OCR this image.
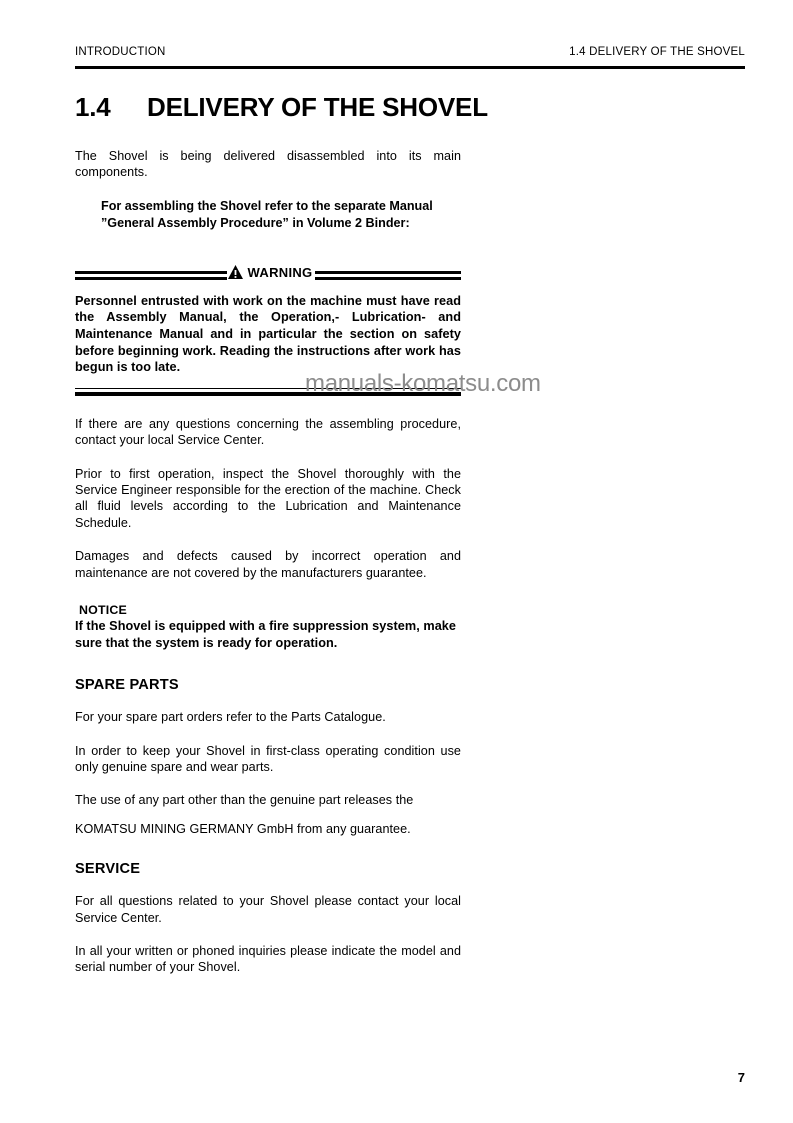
INTRODUCTION	1.4 DELIVERY OF THE SHOVEL
1.4	DELIVERY OF THE SHOVEL

The Shovel is being delivered disassembled into its main components.

For assembling the Shovel refer to the separate Manual
”General Assembly Procedure” in Volume 2 Binder:

WARNING

Personnel entrusted with work on the machine must have read the Assembly Manual, the Operation,- Lubrication- and Maintenance Manual and in particular the section on safety before beginning work. Reading the instructions after work has begun is too late.

If there are any questions concerning the assembling procedure, contact your local Service Center.

Prior to first operation, inspect the Shovel thoroughly with the Service Engineer responsible for the erection of the machine. Check all fluid levels according to the Lubrication and Maintenance Schedule.

Damages and defects caused by incorrect operation and maintenance are not covered by the manufacturers guarantee.

NOTICE

If the Shovel is equipped with a fire suppression system, make sure that the system is ready for operation.

SPARE PARTS

For your spare part orders refer to the Parts Catalogue.

In order to keep your Shovel in first-class operating condition use only genuine spare and wear parts.

The use of any part other than the genuine part releases the

KOMATSU MINING GERMANY GmbH from any guarantee.

SERVICE

For all questions related to your Shovel please contact your local Service Center.

In all your written or phoned inquiries please indicate the model and serial number of your Shovel.

manuals-komatsu.com
7
